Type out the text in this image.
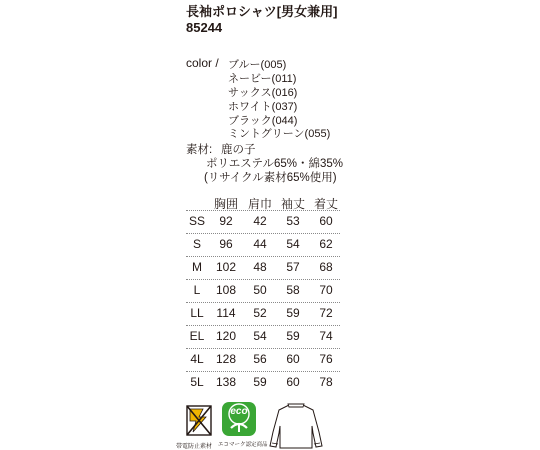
長袖ポロシャツ[男女兼用]
85244
color / ブルー(005)
ネービー(011)
サックス(016)
ホワイト(037)
ブラック(044)
ミントグリーン(055)
素材: 鹿の子
ポリエステル65%・綿35%
(リサイクル素材65%使用)
胸囲 肩巾 袖丈 着丈
SS	92	42	53	60
S	96	44	54	62
M	102	48	57	68
L	108	50	58	70
LL	114	52	59	72
EL 120	54	59	74
4L	128	56	60	76
5L	138	59	60	78
帯電防止素材
eco
エコマーク認定商品
